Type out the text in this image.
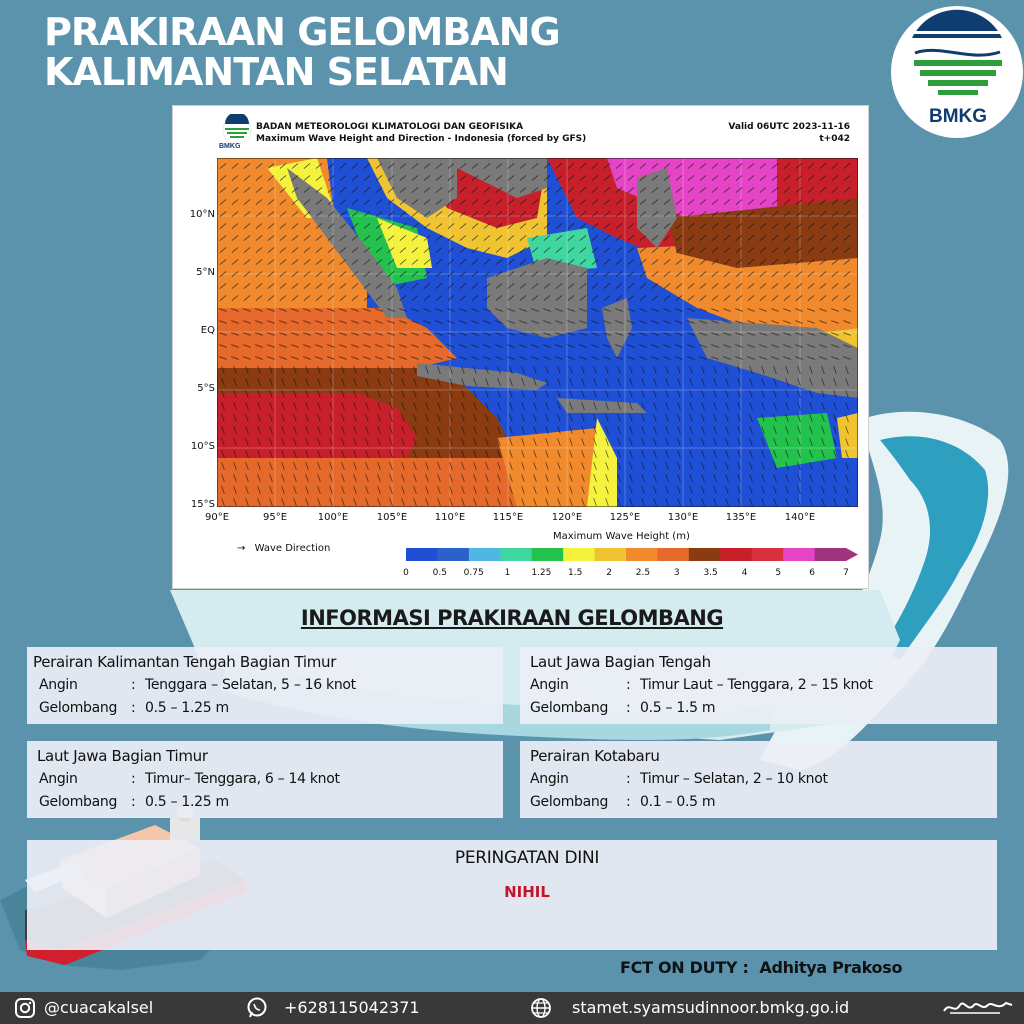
PRAKIRAAN GELOMBANG
KALIMANTAN SELATAN
BMKG
BMKG
BADAN METEOROLOGI KLIMATOLOGI DAN GEOFISIKA
Maximum Wave Height and Direction - Indonesia (forced by GFS)
Valid 06UTC 2023-11-16
t+042
10°N
5°N
EQ
5°S
10°S
15°S
90°E	95°E	100°E	105°E	110°E	115°E	120°E	125°E	130°E	135°E	140°E
→ Wave Direction
Maximum Wave Height (m)
0	0.5	0.75	1	1.25	1.5	2	2.5	3	3.5	4	5	6	7
INFORMASI PRAKIRAAN GELOMBANG
Perairan Kalimantan Tengah Bagian Timur
Angin	: Tenggara – Selatan, 5 – 16 knot
Gelombang : 0.5 – 1.25 m
Laut Jawa Bagian Tengah
Angin	: Timur Laut – Tenggara, 2 – 15 knot
Gelombang : 0.5 – 1.5 m
Laut Jawa Bagian Timur
Angin	: Timur– Tenggara, 6 – 14 knot
Gelombang : 0.5 – 1.25 m
Perairan Kotabaru
Angin	: Timur – Selatan, 2 – 10 knot
Gelombang : 0.1 – 0.5 m
PERINGATAN DINI
NIHIL
FCT ON DUTY : Adhitya Prakoso
@cuacakalsel	+628115042371	stamet.syamsudinnoor.bmkg.go.id
